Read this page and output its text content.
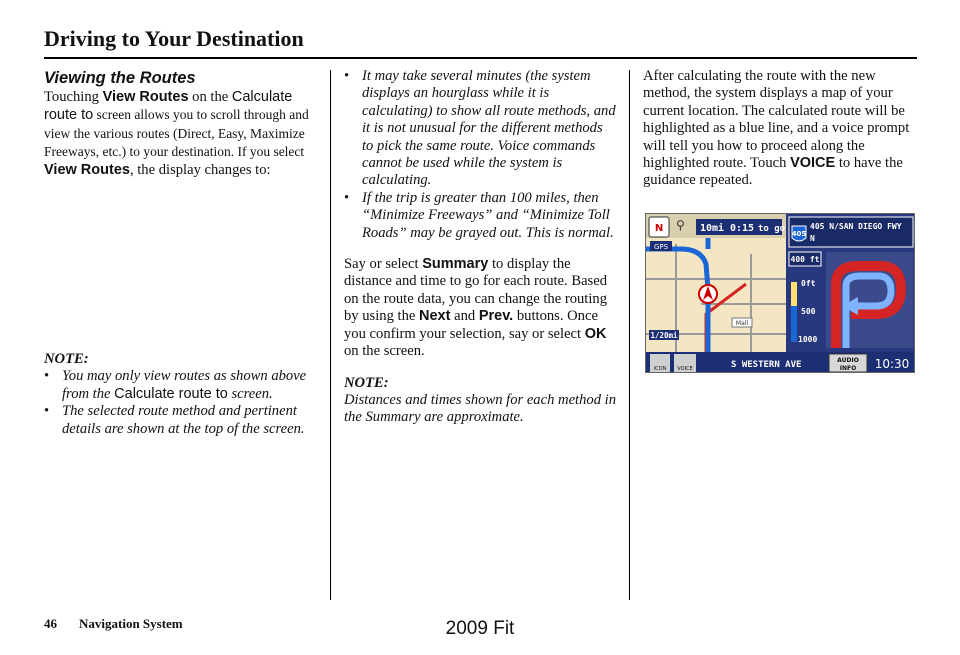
Driving to Your Destination
Viewing the Routes

Touching View Routes on the Calculate route to screen allows you to scroll through and view the various routes (Direct, Easy, Maximize Freeways, etc.) to your destination. If you select View Routes, the display changes to:

NOTE:
• You may only view routes as shown above from the Calculate route to screen.
• The selected route method and pertinent details are shown at the top of the screen.
• It may take several minutes (the system displays an hourglass while it is calculating) to show all route methods, and it is not unusual for the different methods to pick the same route. Voice commands cannot be used while the system is calculating.
• If the trip is greater than 100 miles, then “Minimize Freeways” and “Minimize Toll Roads” may be grayed out. This is normal.

Say or select Summary to display the distance and time to go for each route. Based on the route data, you can change the routing by using the Next and Prev. buttons. Once you confirm your selection, say or select OK on the screen.

NOTE:

Distances and times shown for each method in the Summary are approximate.

After calculating the route with the new method, the system displays a map of your current location. The calculated route will be highlighted as a blue line, and a voice prompt will tell you how to proceed along the highlighted route. Touch VOICE to have the guidance repeated.

N ⚲ 10mi 0:15 to go
GPS
Mall
1/20mi
405
405 N/SAN DIEGO FWY
N
400 ft
0ft
500
1000
ICON VOICE	S WESTERN AVE	AUDIO
INFO 10:30
46 Navigation System	2009 Fit
